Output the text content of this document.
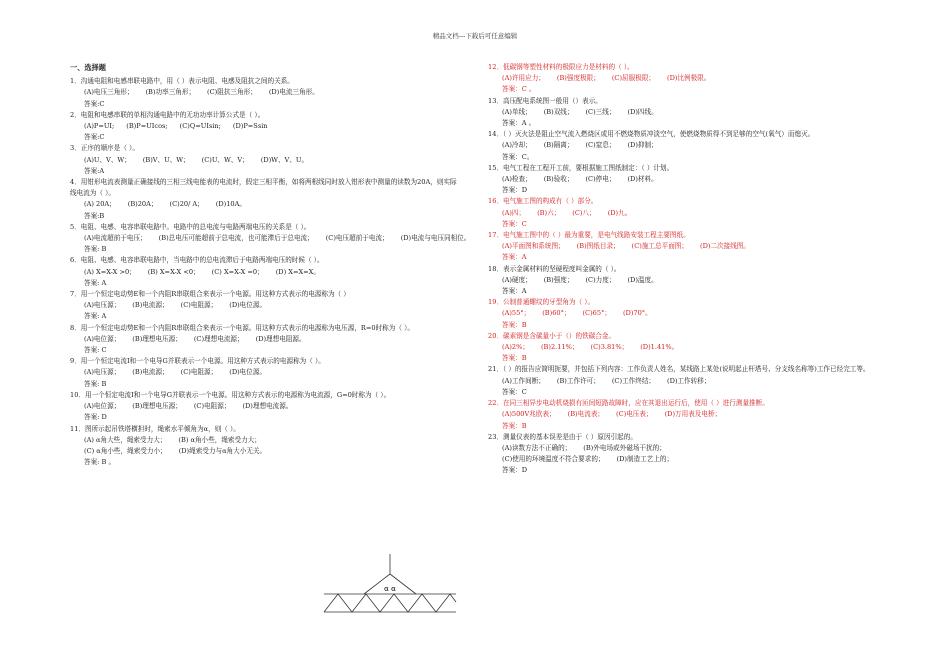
精品文档---下载后可任意编辑
一、选择题
1．沟通电阻和电感串联电路中，用（ ）表示电阻、电感及阻抗之间的关系。
(A)电压三角形； (B)功率三角形； (C)阻抗三角形； (D)电流三角形。
答案:C
2．电阻和电感串联的单相沟通电路中的无功功率计算公式是（ ）。
(A)P=UI; (B)P=UIcos; (C)Q=UIsin; (D)P=Ssin
答案:C
3．正序的顺序是（ ）。
(A)U、V、W； (B)V、U、W； (C)U、W、V； (D)W、V、U。
答案:A
4．用钳形电流表测量正确接线的三相三线电能表的电流时，假定三相平衡，如将两根线同时放入钳形表中测量的读数为20A，则实际线电流为（ ）。
(A) 20A； (B)20A； (C)20/ A； (D)10A。
答案:B
5．电阻、电感、电容串联电路中。电路中的总电流与电路两端电压的关系是（ ）。
(A)电流超前于电压； (B)总电压可能超前于总电流，也可能滞后于总电流； (C)电压超前于电流； (D)电流与电压同相位。
答案: B
6．电阻、电感、电容串联电路中，当电路中的总电流滞后于电路两端电压的时候（ ）。
(A) X=X-X >0； (B) X=X-X <0； (C) X=X-X =0； (D) X=X=X。
答案: A
7．用一个恒定电动势E和一个内阻R串联组合来表示一个电源。用这种方式表示的电源称为（ ）
(A)电压源； (B)电流源； (C)电阻源； (D)电位源。
答案: A
8．用一个恒定电动势E和一个内阻R串联组合来表示一个电源。用这种方式表示的电源称为电压源，R=0时称为（ ）。
(A)电位源； (B)理想电压源； (C)理想电流源； (D)理想电阻源。
答案: C
9．用一个恒定电流I和一个电导G并联表示一个电源。用这种方式表示的电源称为（ ）。
(A)电压源； (B)电流源； (C)电阻源； (D)电位源。
答案: B
10．用一个恒定电流I和一个电导G并联表示一个电源。用这种方式表示的电源称为电流源，G=0时称为（ ）。
(A)电位源； (B)理想电压源； (C)电阻源； (D)理想电流源。
答案: D
11．图所示起吊铁塔横担时，绳索水平倾角为α，则（ ）。
(A) α角大些，绳索受力大； (B) α角小些，绳索受力大；
(C) α角小些，绳索受力小； (D)绳索受力与α角大小无关。
答案: B 。
12．低碳钢等塑性材料的极限应力是材料的（ ）。
(A)许用应力； (B)强度极限； (C)屈服极限； (D)比例极限。
答案：C 。
13．高压配电系统图一般用（）表示。
(A)单线； (B)双线； (C)三线； (D)四线。
答案：A 。
14．（ ）灭火法是阻止空气流入燃烧区或用不燃烧物质冲淡空气，使燃烧物质得不到足够的空气(氧气）而熄灭。
(A)冷却； (B)隔离； (C)窒息； (D)抑制；
答案：C。
15．电气工程在工程开工前，要根据施工图纸制定：（ ）计划。
(A)检查； (B)验收； (C)停电； (D)材料。
答案：D
16．电气施工图的构成有（ ）部分。
(A)四； (B)六； (C)八； (D)九。
答案：C
17．电气施工图中的（ ）最为重要，是电气线路安装工程主要图纸。
(A)平面图和系统图； (B)图纸目录； (C)施工总平面图； (D)二次接线图。
答案：A
18．表示金属材料的坚硬程度叫金属的（ ）。
(A)硬度； (B)强度； (C)力度； (D)温度。
答案：A
19．公制普通螺纹的牙型角为（ ）。
(A)55°； (B)60°； (C)65°； (D)70°。
答案：B
20．碳素钢是含碳量小于（）的铁碳合金。
(A)2%； (B)2.11%； (C)3.81%； (D)1.41%。
答案：B
21．（ ）的报告应简明扼要，并包括下列内容：工作负责人姓名，某线路上某处(说明起止杆塔号、分支线名称等)工作已经完工等。
(A)工作间断； (B)工作许可； (C)工作终结； (D)工作转移；
答案：C
22．在同三相异步电动机烧损有匝间短路故障时，应在其退出运行后，使用（ ）进行测量推断。
(A)500V兆欧表； (B)电流表； (C)电压表； (D)万用表及电桥；
答案：B
23．测量仪表的基本误差是由于（ ）原因引起的。
(A)读数方法不正确的； (B)外电场或外磁场干扰的；
(C)使用的环境温度不符合要求的； (D)制造工艺上的；
答案：D
α α
